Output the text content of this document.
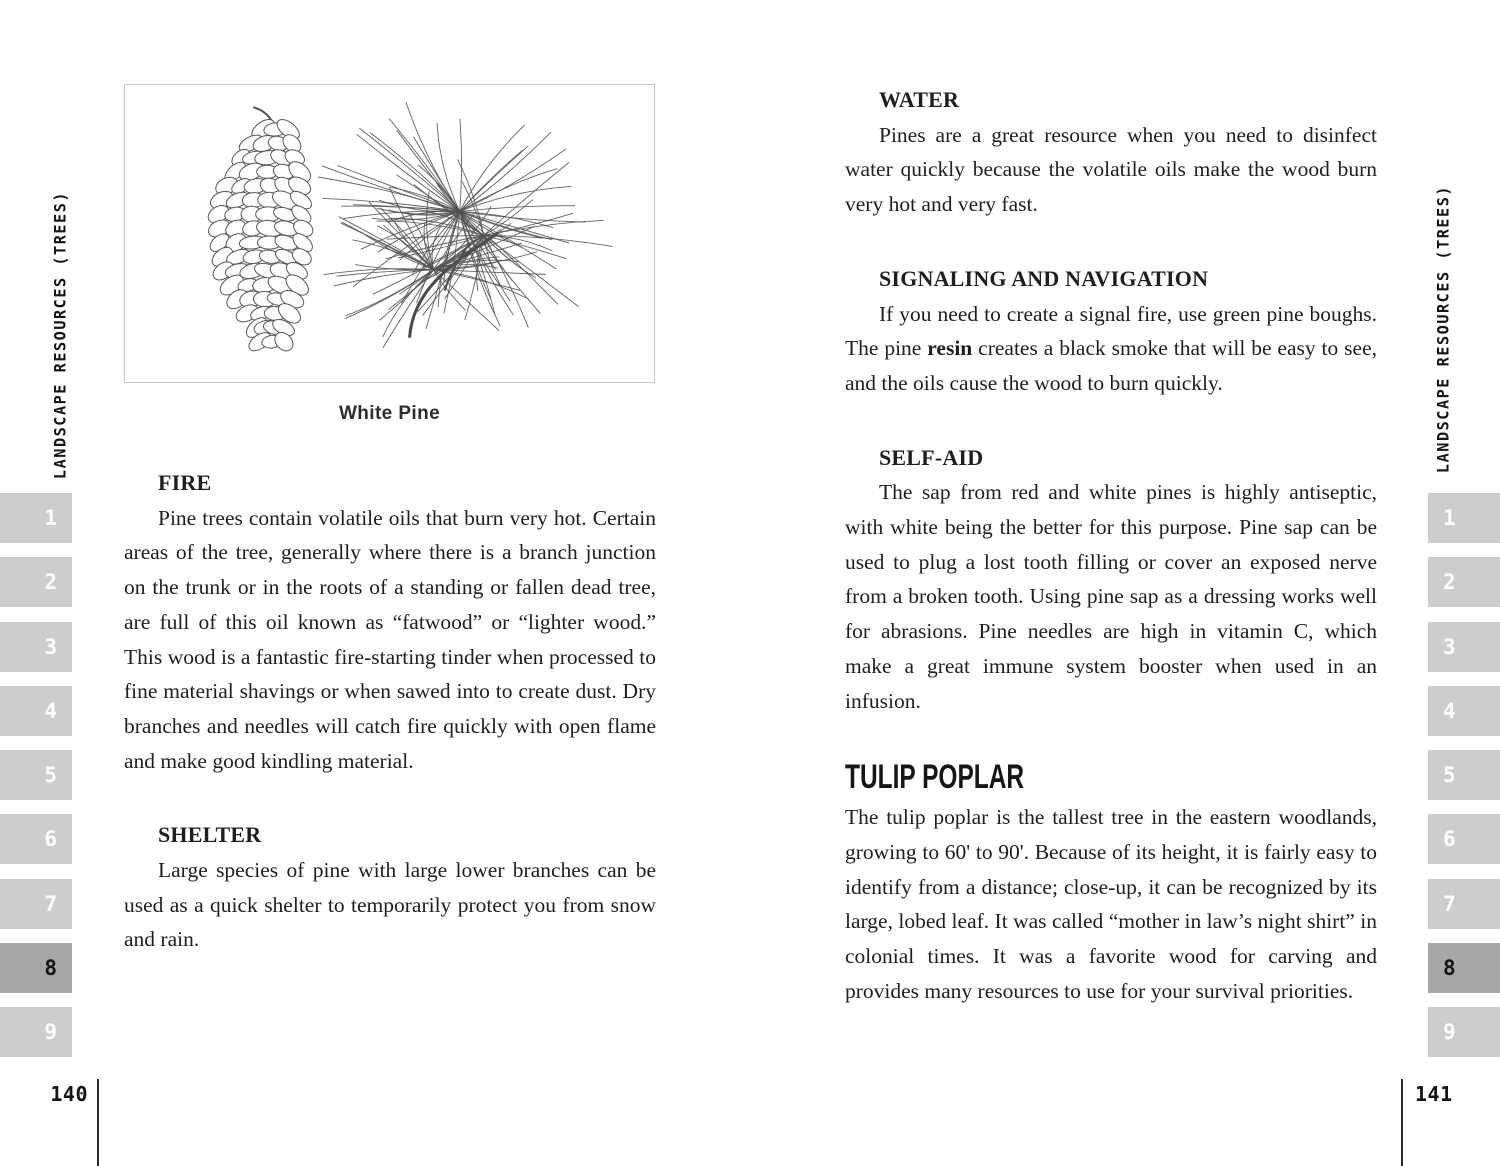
LANDSCAPE RESOURCES (TREES)
1
2
3
4
5
6
7
8
9
140
LANDSCAPE RESOURCES (TREES)
1
2
3
4
5
6
7
8
9
141
White Pine
FIRE

Pine trees contain volatile oils that burn very hot. Certain areas of the tree, generally where there is a branch junction on the trunk or in the roots of a standing or fallen dead tree, are full of this oil known as “fatwood” or “lighter wood.” This wood is a fantastic fire-starting tinder when processed to fine material shavings or when sawed into to create dust. Dry branches and needles will catch fire quickly with open flame and make good kindling material.

SHELTER

Large species of pine with large lower branches can be used as a quick shelter to temporarily protect you from snow and rain.

WATER

Pines are a great resource when you need to disinfect water quickly because the volatile oils make the wood burn very hot and very fast.

SIGNALING AND NAVIGATION

If you need to create a signal fire, use green pine boughs. The pine resin creates a black smoke that will be easy to see, and the oils cause the wood to burn quickly.

SELF-AID

The sap from red and white pines is highly antiseptic, with white being the better for this purpose. Pine sap can be used to plug a lost tooth filling or cover an exposed nerve from a broken tooth. Using pine sap as a dressing works well for abrasions. Pine needles are high in vitamin C, which make a great immune system booster when used in an infusion.

TULIP POPLAR

The tulip poplar is the tallest tree in the eastern woodlands, growing to 60' to 90'. Because of its height, it is fairly easy to identify from a distance; close-up, it can be recognized by its large, lobed leaf. It was called “mother in law’s night shirt” in colonial times. It was a favorite wood for carving and provides many resources to use for your survival priorities.
